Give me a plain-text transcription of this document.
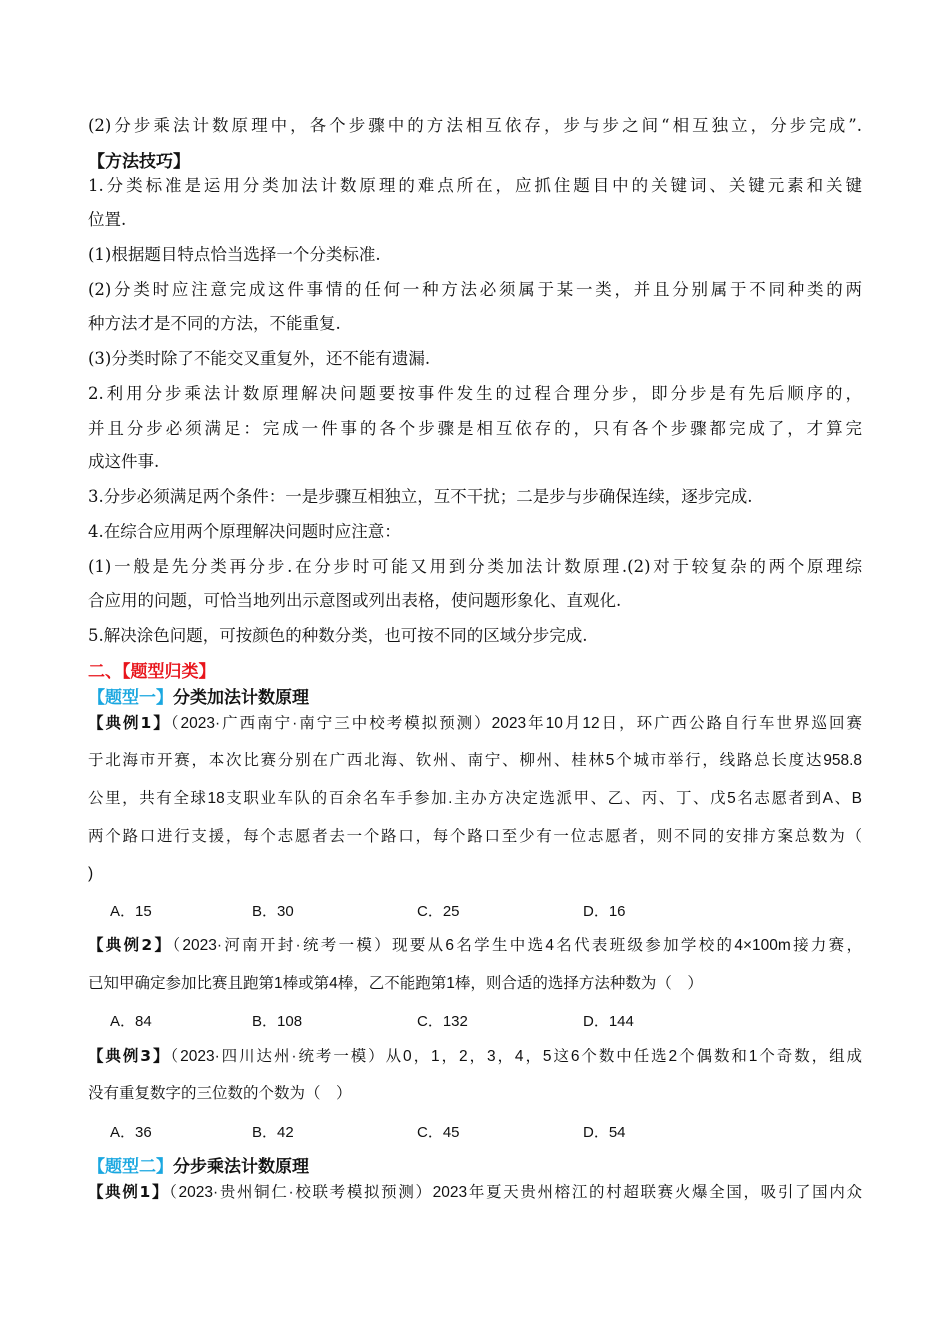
(2)分步乘法计数原理中，各个步骤中的方法相互依存，步与步之间“相互独立，分步完成”.
【方法技巧】
1.分类标准是运用分类加法计数原理的难点所在，应抓住题目中的关键词、关键元素和关键
位置.
(1)根据题目特点恰当选择一个分类标准.
(2)分类时应注意完成这件事情的任何一种方法必须属于某一类，并且分别属于不同种类的两
种方法才是不同的方法，不能重复.
(3)分类时除了不能交叉重复外，还不能有遗漏.
2.利用分步乘法计数原理解决问题要按事件发生的过程合理分步，即分步是有先后顺序的，
并且分步必须满足：完成一件事的各个步骤是相互依存的，只有各个步骤都完成了，才算完
成这件事.
3.分步必须满足两个条件：一是步骤互相独立，互不干扰；二是步与步确保连续，逐步完成.
4.在综合应用两个原理解决问题时应注意：
(1)一般是先分类再分步.在分步时可能又用到分类加法计数原理.(2)对于较复杂的两个原理综
合应用的问题，可恰当地列出示意图或列出表格，使问题形象化、直观化.
5.解决涂色问题，可按颜色的种数分类，也可按不同的区域分步完成.
二、【题型归类】
【题型一】分类加法计数原理
【典例1】（2023·广西南宁·南宁三中校考模拟预测）2023年10月12日，环广西公路自行车世界巡回赛
于北海市开赛，本次比赛分别在广西北海、钦州、南宁、柳州、桂林5个城市举行，线路总长度达958.8
公里，共有全球18支职业车队的百余名车手参加.主办方决定选派甲、乙、丙、丁、戊5名志愿者到A、B
两个路口进行支援，每个志愿者去一个路口，每个路口至少有一位志愿者，则不同的安排方案总数为（
)
A．15	B．30	C．25	D．16
【典例2】（2023·河南开封·统考一模）现要从6名学生中选4名代表班级参加学校的4×100m接力赛，
已知甲确定参加比赛且跑第1棒或第4棒，乙不能跑第1棒，则合适的选择方法种数为（　）
A．84	B．108	C．132	D．144
【典例3】（2023·四川达州·统考一模）从0，1，2，3，4，5这6个数中任选2个偶数和1个奇数，组成
没有重复数字的三位数的个数为（　）
A．36	B．42	C．45	D．54
【题型二】分步乘法计数原理
【典例1】（2023·贵州铜仁·校联考模拟预测）2023年夏天贵州榕江的村超联赛火爆全国，吸引了国内众
